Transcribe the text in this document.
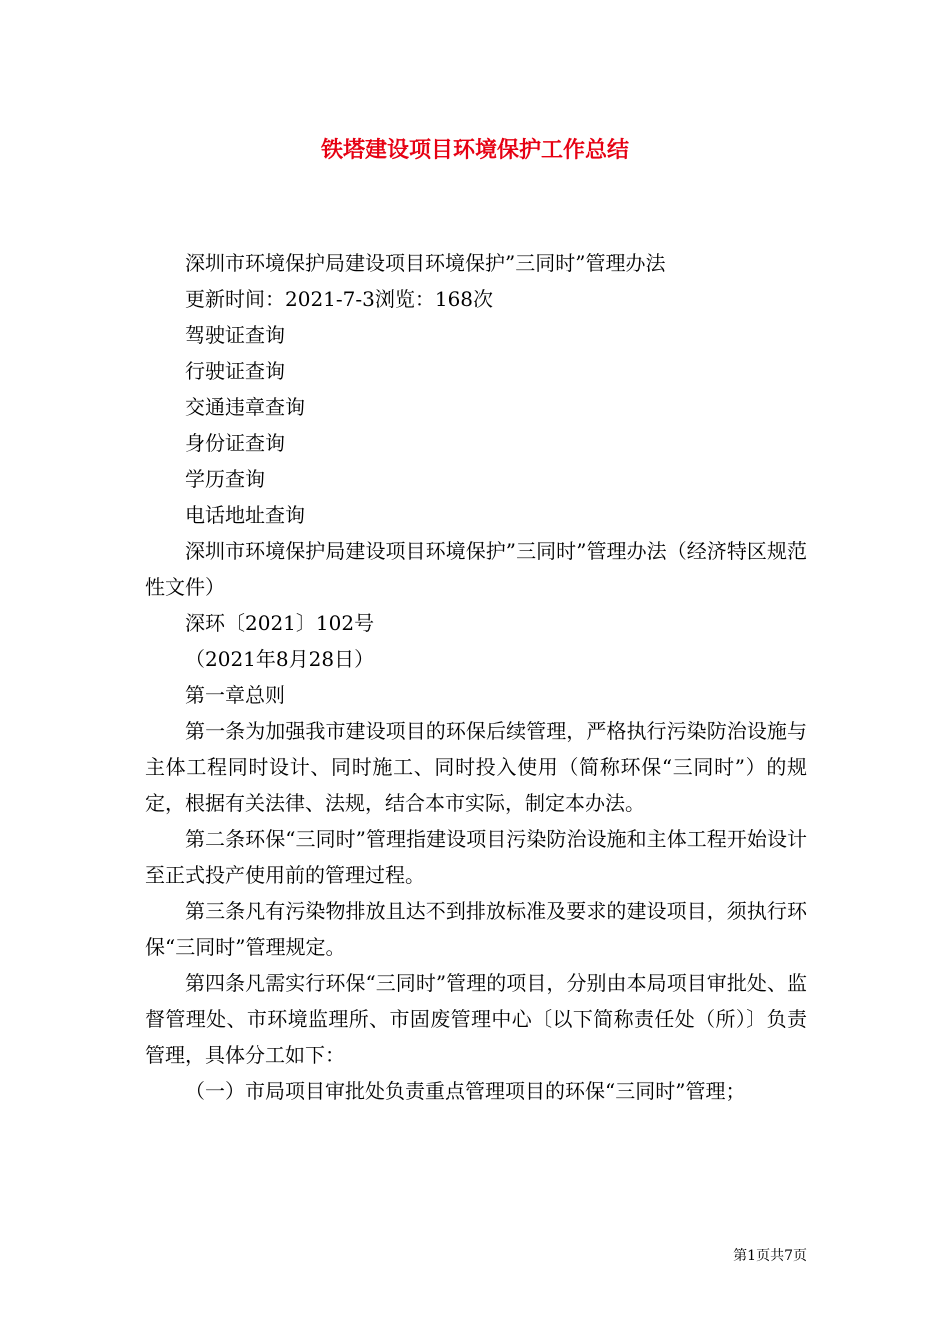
铁塔建设项目环境保护工作总结

深圳市环境保护局建设项目环境保护”三同时”管理办法

更新时间：2021-7-3浏览：168次

驾驶证查询

行驶证查询

交通违章查询

身份证查询

学历查询

电话地址查询

深圳市环境保护局建设项目环境保护”三同时”管理办法（经济特区规范性文件）

深环〔2021〕102号

（2021年8月28日）

第一章总则

第一条为加强我市建设项目的环保后续管理，严格执行污染防治设施与主体工程同时设计、同时施工、同时投入使用（简称环保“三同时”）的规定，根据有关法律、法规，结合本市实际，制定本办法。

第二条环保“三同时”管理指建设项目污染防治设施和主体工程开始设计至正式投产使用前的管理过程。

第三条凡有污染物排放且达不到排放标准及要求的建设项目，须执行环保“三同时”管理规定。

第四条凡需实行环保“三同时”管理的项目，分别由本局项目审批处、监督管理处、市环境监理所、市固废管理中心〔以下简称责任处（所）〕负责管理，具体分工如下：

（一）市局项目审批处负责重点管理项目的环保“三同时”管理；

第1页共7页
